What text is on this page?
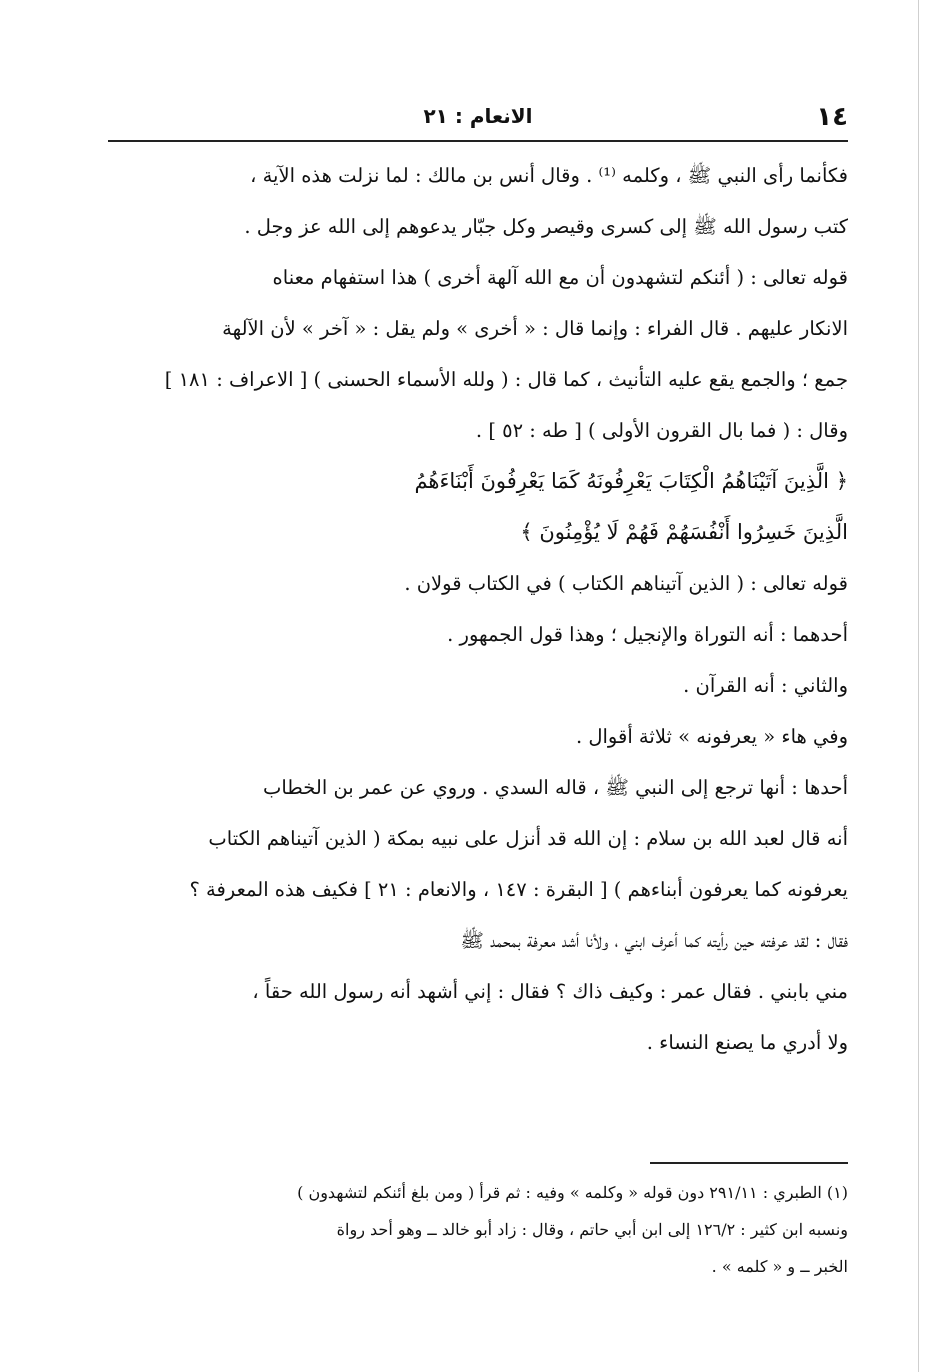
١٤
الانعام : ٢١
فكأنما رأى النبي ﷺ ، وكلمه ⁽¹⁾ . وقال أنس بن مالك : لما نزلت هذه الآية ،
كتب رسول الله ﷺ إلى كسرى وقيصر وكل جبّار يدعوهم إلى الله عز وجل .
قوله تعالى : ( أئنكم لتشهدون أن مع الله آلهة أخرى ) هذا استفهام معناه
الانكار عليهم . قال الفراء : وإنما قال : « أخرى » ولم يقل : « آخر » لأن الآلهة
جمع ؛ والجمع يقع عليه التأنيث ، كما قال : ( ولله الأسماء الحسنى ) [ الاعراف : ١٨١ ]
وقال : ( فما بال القرون الأولى ) [ طه : ٥٢ ] .
﴿ الَّذِينَ آتَيْنَاهُمُ الْكِتَابَ يَعْرِفُونَهُ كَمَا يَعْرِفُونَ أَبْنَاءَهُمُ
الَّذِينَ خَسِرُوا أَنْفُسَهُمْ فَهُمْ لَا يُؤْمِنُونَ ﴾
قوله تعالى : ( الذين آتيناهم الكتاب ) في الكتاب قولان .
أحدهما : أنه التوراة والإنجيل ؛ وهذا قول الجمهور .
والثاني : أنه القرآن .
وفي هاء « يعرفونه » ثلاثة أقوال .
أحدها : أنها ترجع إلى النبي ﷺ ، قاله السدي . وروي عن عمر بن الخطاب
أنه قال لعبد الله بن سلام : إن الله قد أنزل على نبيه بمكة ( الذين آتيناهم الكتاب
يعرفونه كما يعرفون أبناءهم ) [ البقرة : ١٤٧ ، والانعام : ٢١ ] فكيف هذه المعرفة ؟
فقال : لقد عرفته حين رأيته كما أعرف ابني ، ولأنا أشد معرفة بمحمد ﷺ
مني بابني . فقال عمر : وكيف ذاك ؟ فقال : إني أشهد أنه رسول الله حقاً ،
ولا أدري ما يصنع النساء .
(١) الطبري : ٢٩١/١١ دون قوله « وكلمه » وفيه : ثم قرأ ( ومن بلغ أئنكم لتشهدون )
ونسبه ابن كثير : ١٢٦/٢ إلى ابن أبي حاتم ، وقال : زاد أبو خالد ــ وهو أحد رواة
الخبر ــ و « كلمه » .
